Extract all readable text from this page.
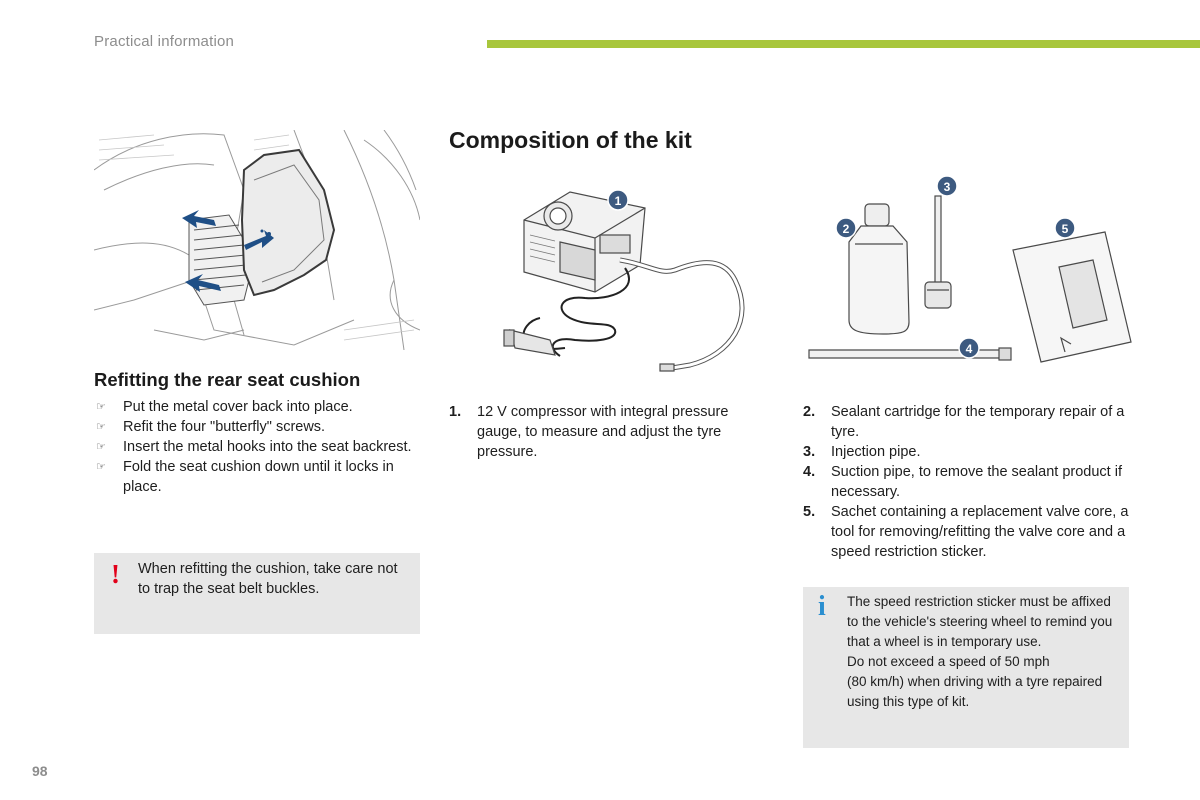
Practical information
Refitting the rear seat cushion
☞ Put the metal cover back into place.
☞ Refit the four "butterfly" screws.
☞ Insert the metal hooks into the seat backrest.
☞ Fold the seat cushion down until it locks in place.
! When refitting the cushion, take care not to trap the seat belt buckles.
Composition of the kit
1
2
3
4
5
1. 12 V compressor with integral pressure gauge, to measure and adjust the tyre pressure.
2. Sealant cartridge for the temporary repair of a tyre.
3. Injection pipe.
4. Suction pipe, to remove the sealant product if necessary.
5. Sachet containing a replacement valve core, a tool for removing/refitting the valve core and a speed restriction sticker.
i The speed restriction sticker must be affixed to the vehicle's steering wheel to remind you that a wheel is in temporary use.
Do not exceed a speed of 50 mph
(80 km/h) when driving with a tyre repaired using this type of kit.
98
